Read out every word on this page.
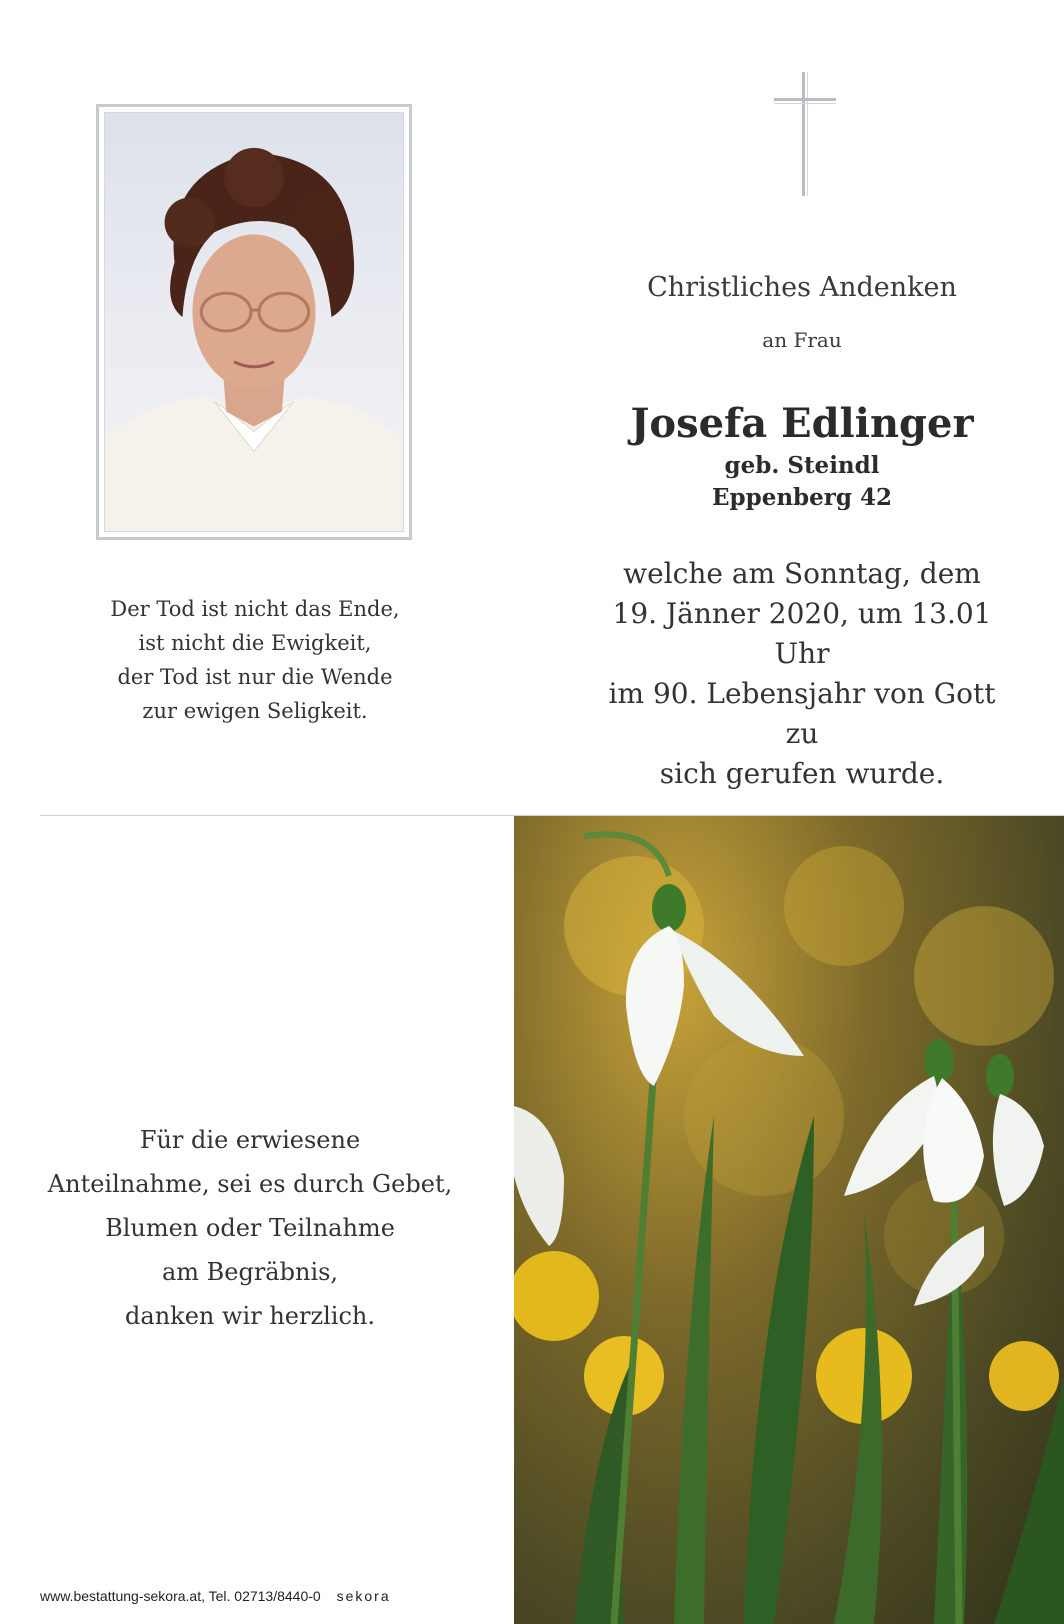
Christliches Andenken
an Frau
Josefa Edlinger
geb. Steindl
Eppenberg 42
welche am Sonntag, dem
19. Jänner 2020, um 13.01 Uhr
im 90. Lebensjahr von Gott zu
sich gerufen wurde.
Der Tod ist nicht das Ende,
ist nicht die Ewigkeit,
der Tod ist nur die Wende
zur ewigen Seligkeit.
Für die erwiesene
Anteilnahme, sei es durch Gebet,
Blumen oder Teilnahme
am Begräbnis,
danken wir herzlich.
www.bestattung-sekora.at, Tel. 02713/8440-0 sekora
